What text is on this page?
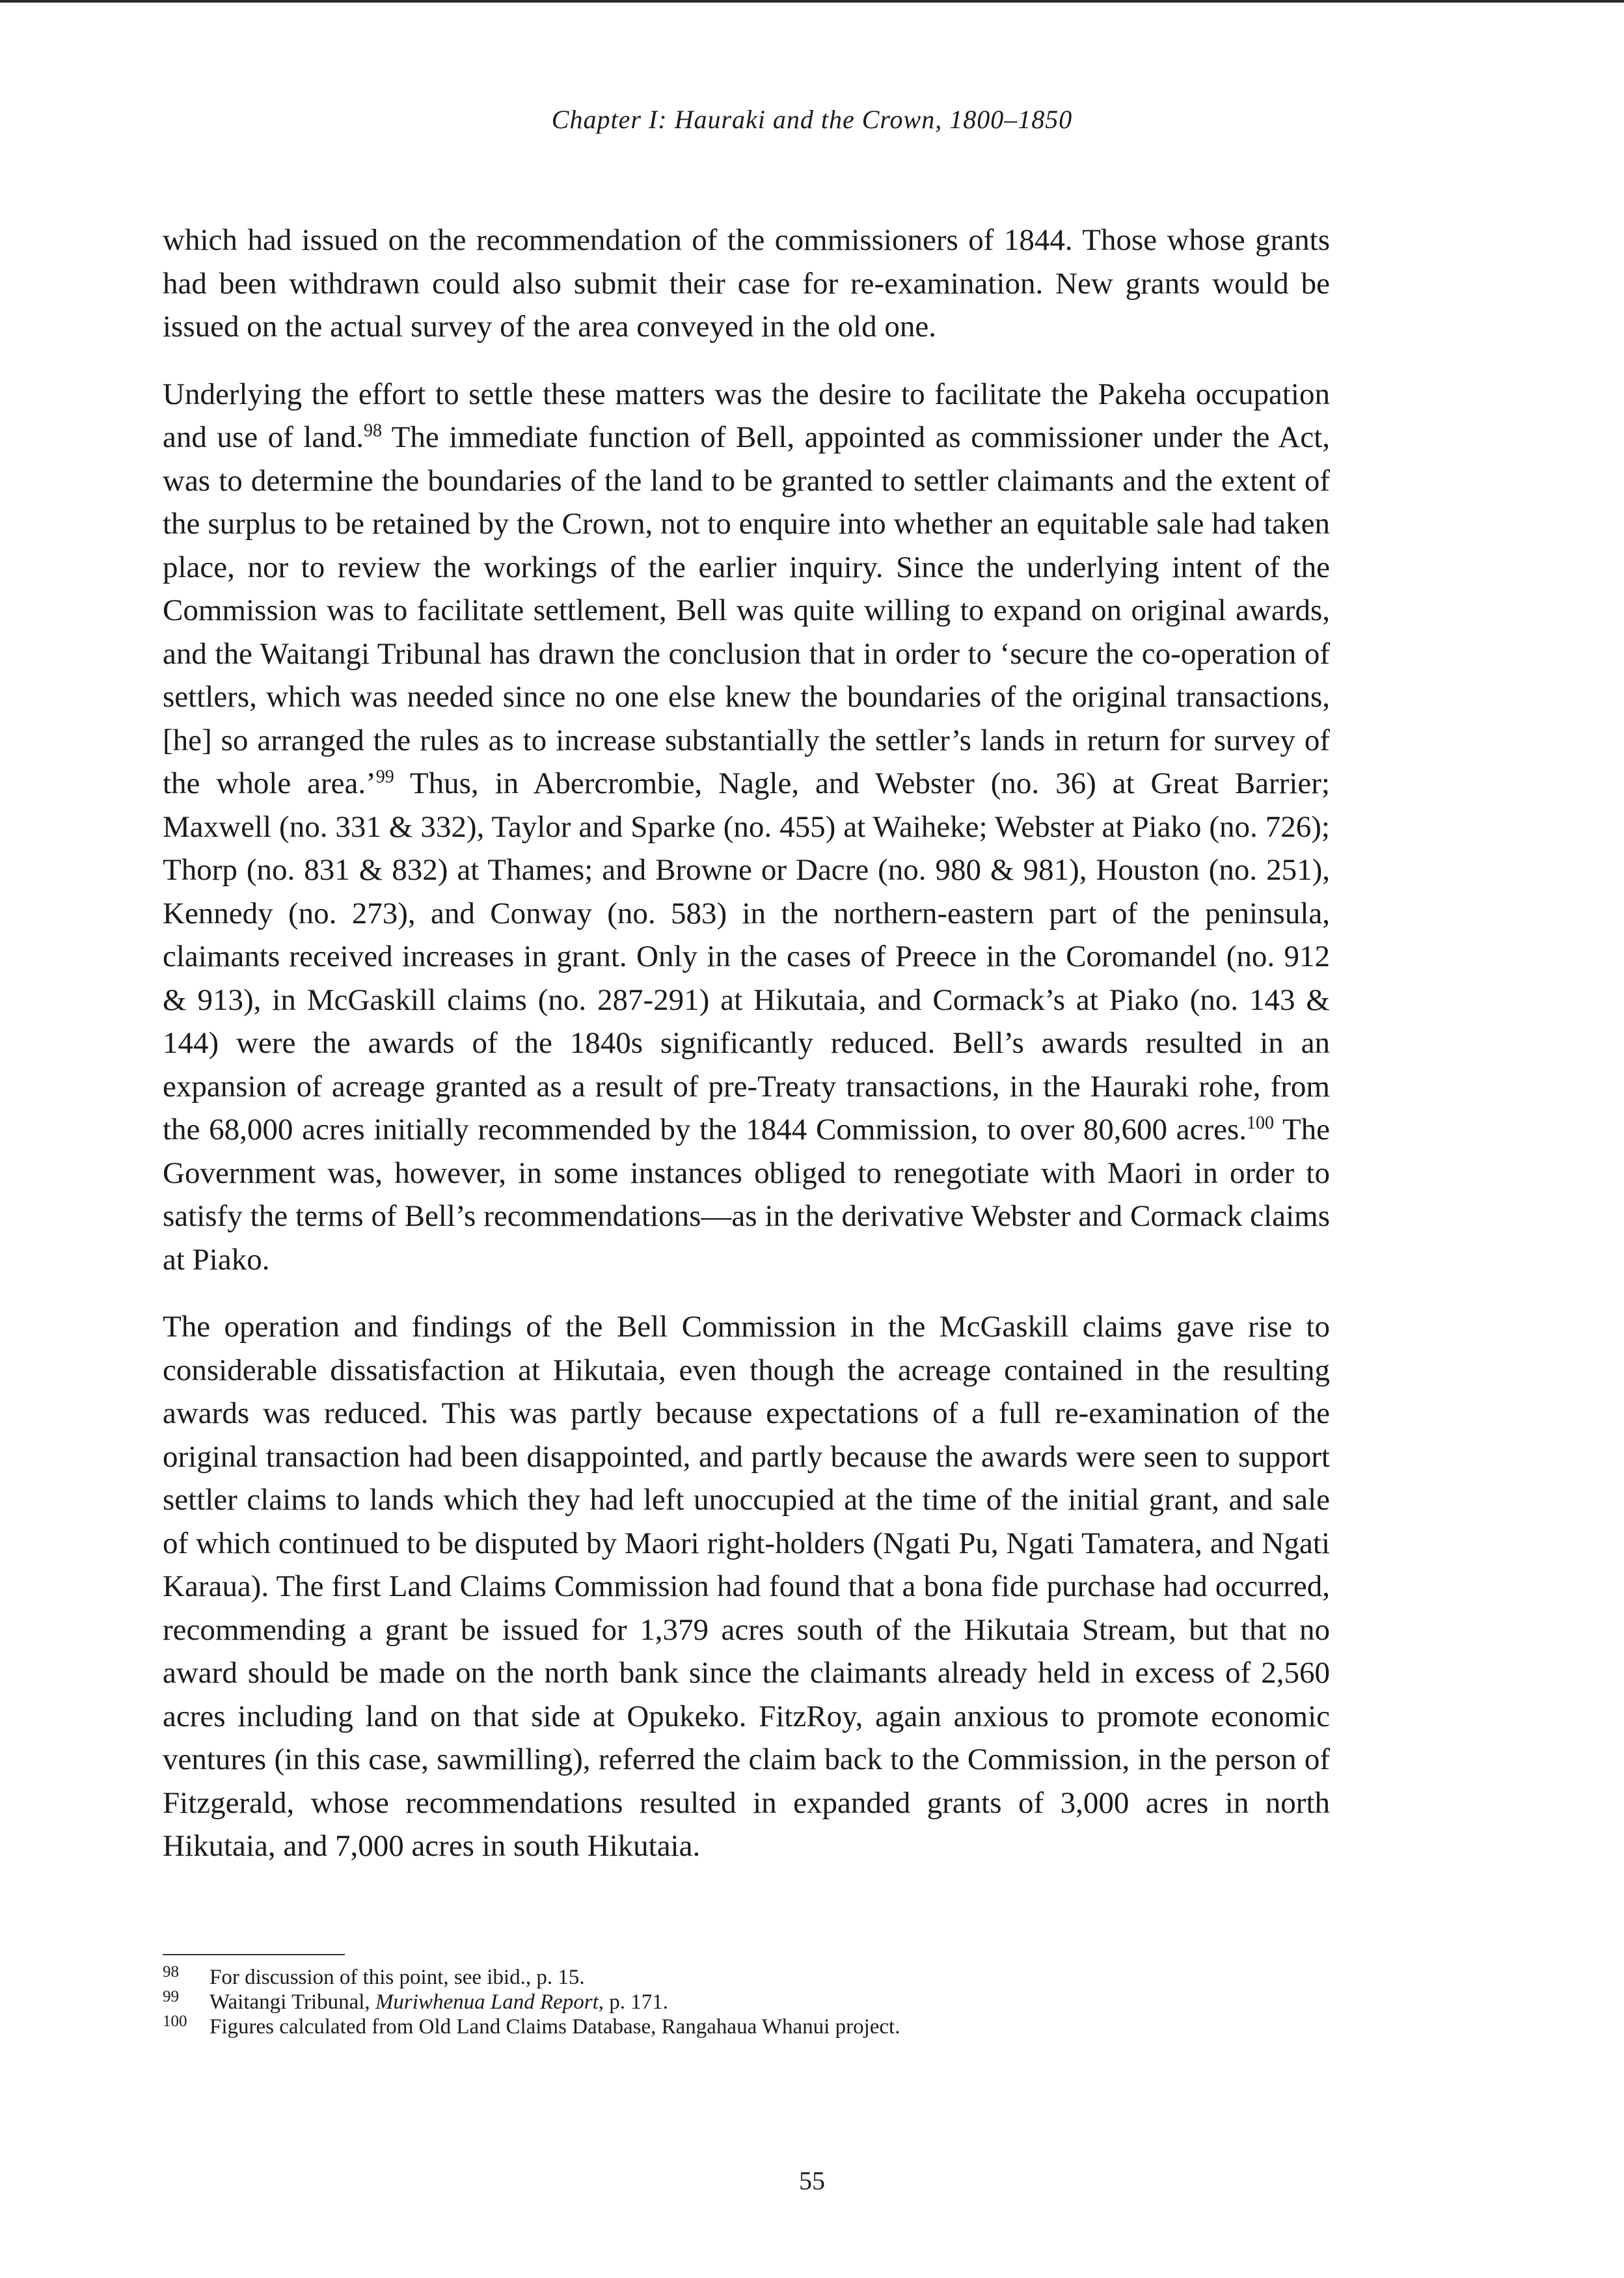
Chapter I: Hauraki and the Crown, 1800–1850

which had issued on the recommendation of the commissioners of 1844. Those whose grants had been withdrawn could also submit their case for re-examination. New grants would be issued on the actual survey of the area conveyed in the old one.

Underlying the effort to settle these matters was the desire to facilitate the Pakeha occupation and use of land.$^{98}$ The immediate function of Bell, appointed as commissioner under the Act, was to determine the boundaries of the land to be granted to settler claimants and the extent of the surplus to be retained by the Crown, not to enquire into whether an equitable sale had taken place, nor to review the workings of the earlier inquiry. Since the underlying intent of the Commission was to facilitate settlement, Bell was quite willing to expand on original awards, and the Waitangi Tribunal has drawn the conclusion that in order to ‘secure the co-operation of settlers, which was needed since no one else knew the boundaries of the original transactions, [he] so arranged the rules as to increase substantially the settler’s lands in return for survey of the whole area.’$^{99}$ Thus, in Abercrombie, Nagle, and Webster (no. 36) at Great Barrier; Maxwell (no. 331 & 332), Taylor and Sparke (no. 455) at Waiheke; Webster at Piako (no. 726); Thorp (no. 831 & 832) at Thames; and Browne or Dacre (no. 980 & 981), Houston (no. 251), Kennedy (no. 273), and Conway (no. 583) in the northern-eastern part of the peninsula, claimants received increases in grant. Only in the cases of Preece in the Coromandel (no. 912 & 913), in McGaskill claims (no. 287-291) at Hikutaia, and Cormack’s at Piako (no. 143 & 144) were the awards of the 1840s significantly reduced. Bell’s awards resulted in an expansion of acreage granted as a result of pre-Treaty transactions, in the Hauraki rohe, from the 68,000 acres initially recommended by the 1844 Commission, to over 80,600 acres.$^{100}$ The Government was, however, in some instances obliged to renegotiate with Maori in order to satisfy the terms of Bell’s recommendations—as in the derivative Webster and Cormack claims at Piako.

The operation and findings of the Bell Commission in the McGaskill claims gave rise to considerable dissatisfaction at Hikutaia, even though the acreage contained in the resulting awards was reduced. This was partly because expectations of a full re-examination of the original transaction had been disappointed, and partly because the awards were seen to support settler claims to lands which they had left unoccupied at the time of the initial grant, and sale of which continued to be disputed by Maori right-holders (Ngati Pu, Ngati Tamatera, and Ngati Karaua). The first Land Claims Commission had found that a bona fide purchase had occurred, recommending a grant be issued for 1,379 acres south of the Hikutaia Stream, but that no award should be made on the north bank since the claimants already held in excess of 2,560 acres including land on that side at Opukeko. FitzRoy, again anxious to promote economic ventures (in this case, sawmilling), referred the claim back to the Commission, in the person of Fitzgerald, whose recommendations resulted in expanded grants of 3,000 acres in north Hikutaia, and 7,000 acres in south Hikutaia.

98 For discussion of this point, see ibid., p. 15.
99 Waitangi Tribunal, Muriwhenua Land Report, p. 171.
100 Figures calculated from Old Land Claims Database, Rangahaua Whanui project.
55
